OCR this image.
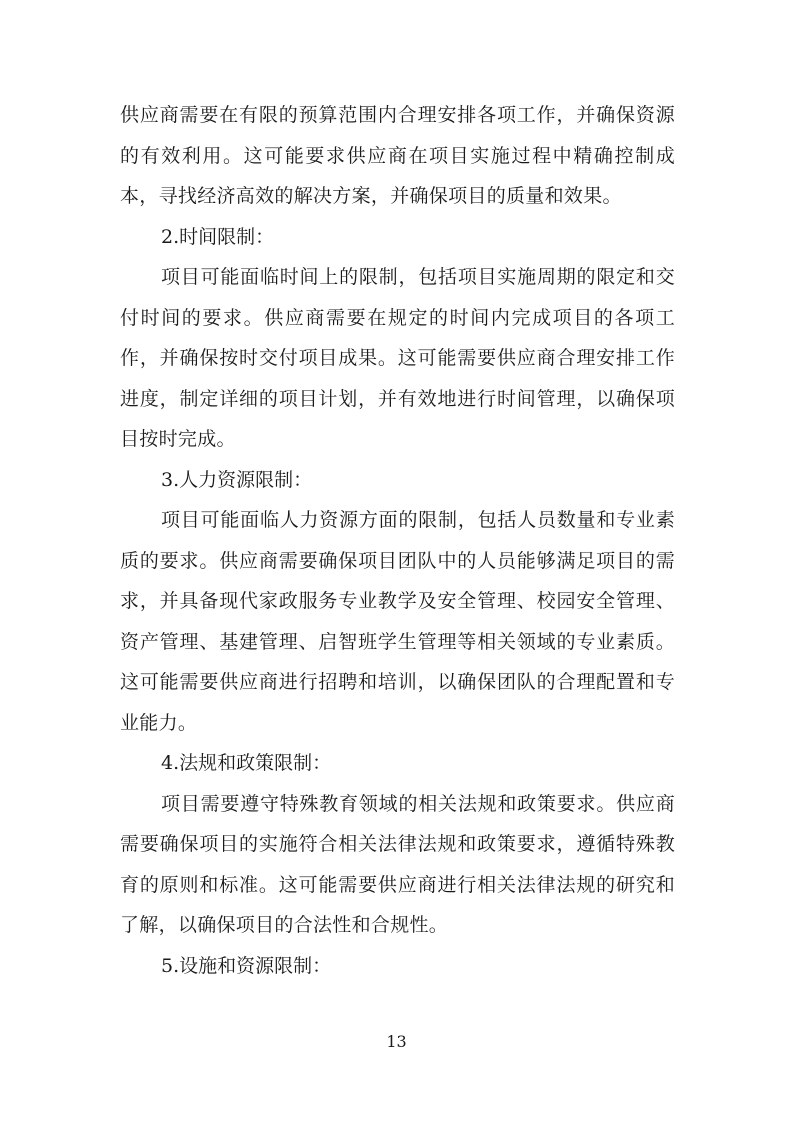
供应商需要在有限的预算范围内合理安排各项工作，并确保资源的有效利用。这可能要求供应商在项目实施过程中精确控制成本，寻找经济高效的解决方案，并确保项目的质量和效果。

2.时间限制：

项目可能面临时间上的限制，包括项目实施周期的限定和交付时间的要求。供应商需要在规定的时间内完成项目的各项工作，并确保按时交付项目成果。这可能需要供应商合理安排工作进度，制定详细的项目计划，并有效地进行时间管理，以确保项目按时完成。

3.人力资源限制：

项目可能面临人力资源方面的限制，包括人员数量和专业素质的要求。供应商需要确保项目团队中的人员能够满足项目的需求，并具备现代家政服务专业教学及安全管理、校园安全管理、资产管理、基建管理、启智班学生管理等相关领域的专业素质。这可能需要供应商进行招聘和培训，以确保团队的合理配置和专业能力。

4.法规和政策限制：

项目需要遵守特殊教育领域的相关法规和政策要求。供应商需要确保项目的实施符合相关法律法规和政策要求，遵循特殊教育的原则和标准。这可能需要供应商进行相关法律法规的研究和了解，以确保项目的合法性和合规性。

5.设施和资源限制：

13
